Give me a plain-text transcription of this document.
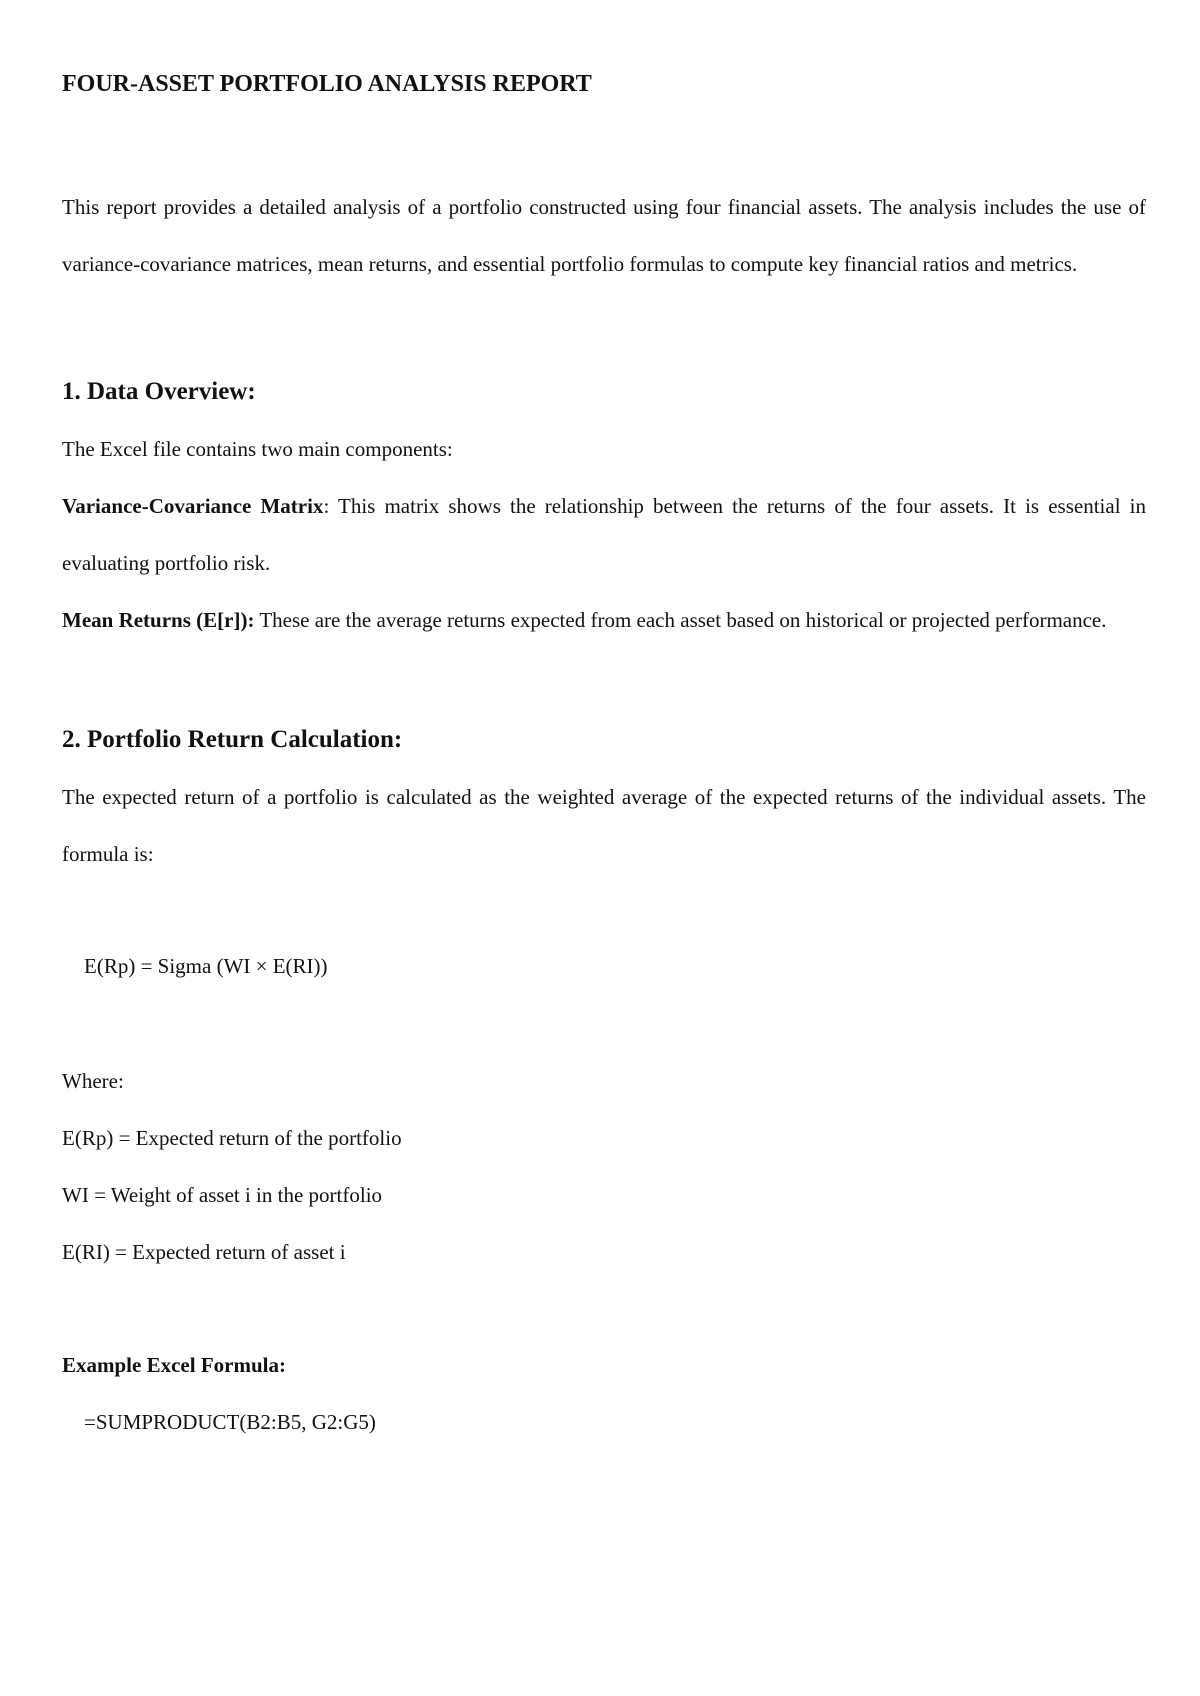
FOUR-ASSET PORTFOLIO ANALYSIS REPORT

This report provides a detailed analysis of a portfolio constructed using four financial assets. The analysis includes the use of variance-covariance matrices, mean returns, and essential portfolio formulas to compute key financial ratios and metrics.

1. Data Overview:

The Excel file contains two main components:

Variance-Covariance Matrix: This matrix shows the relationship between the returns of the four assets. It is essential in evaluating portfolio risk.

Mean Returns (E[r]): These are the average returns expected from each asset based on historical or projected performance.

2. Portfolio Return Calculation:

The expected return of a portfolio is calculated as the weighted average of the expected returns of the individual assets. The formula is:

E(Rp) = Sigma (WI × E(RI))

Where:

E(Rp) = Expected return of the portfolio

WI = Weight of asset i in the portfolio

E(RI) = Expected return of asset i

Example Excel Formula:

=SUMPRODUCT(B2:B5, G2:G5)
